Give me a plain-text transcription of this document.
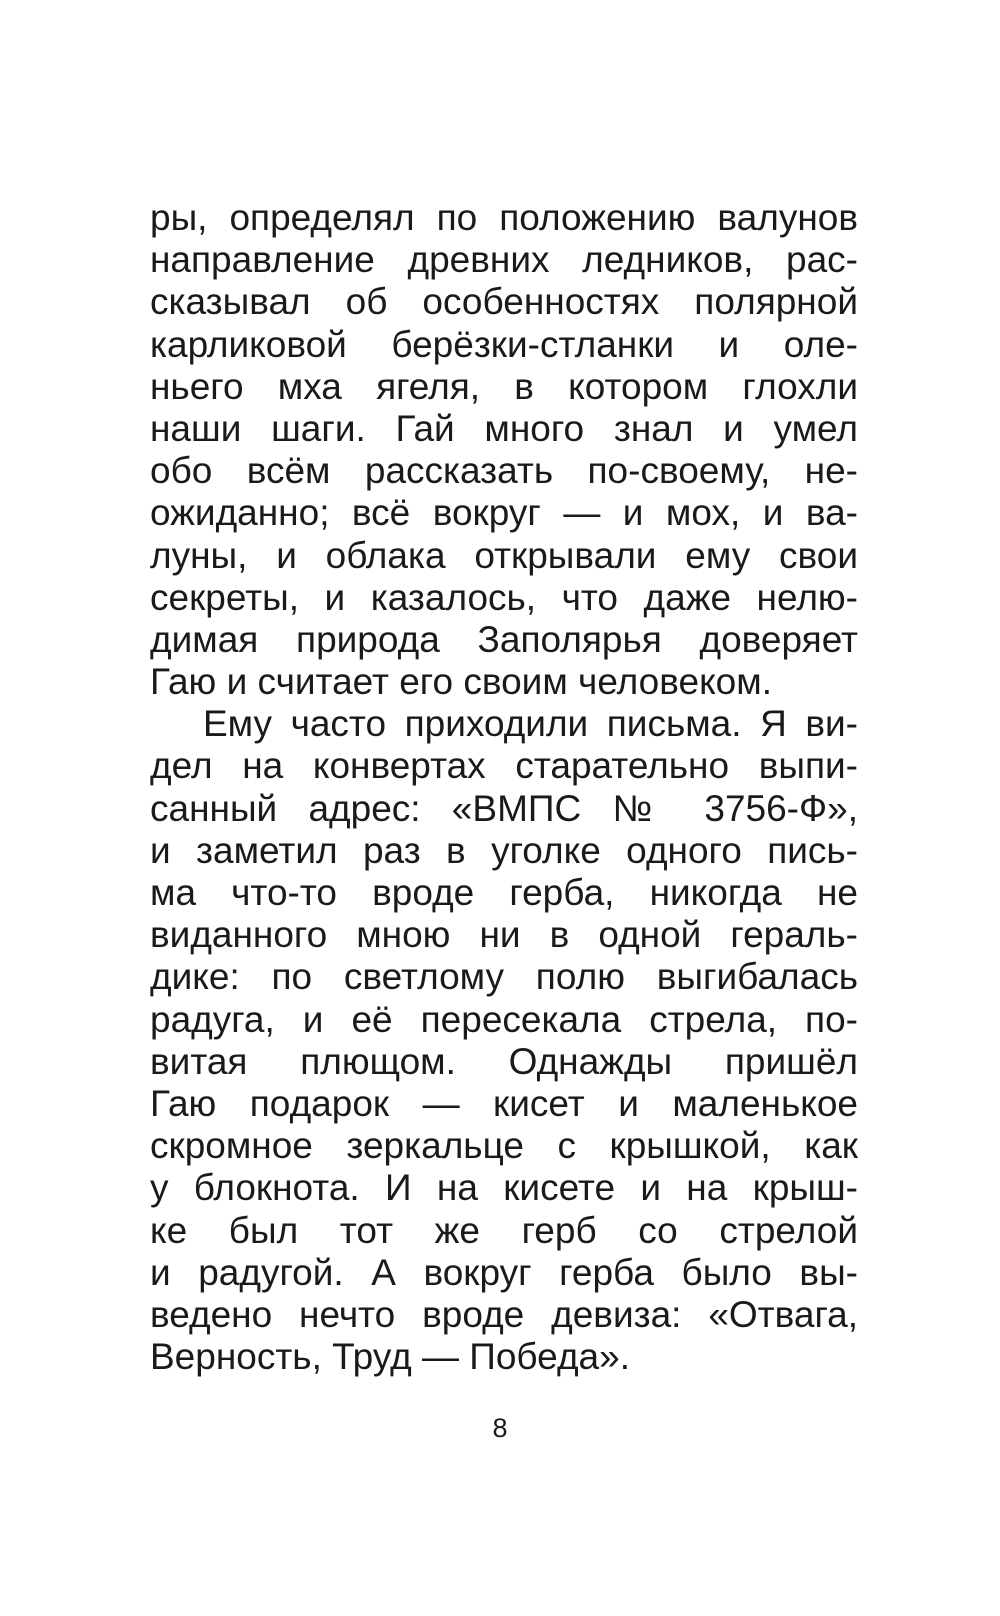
ры, определял по положению валунов
направление древних ледников, рас-
сказывал об особенностях полярной
карликовой берёзки-стланки и оле-
ньего мха ягеля, в котором глохли
наши шаги. Гай много знал и умел
обо всём рассказать по-своему, не-
ожиданно; всё вокруг — и мох, и ва-
луны, и облака открывали ему свои
секреты, и казалось, что даже нелю-
димая природа Заполярья доверяет
Гаю и считает его своим человеком.
Ему часто приходили письма. Я ви-
дел на конвертах старательно выпи-
санный адрес: «ВМПС № 3756-Ф»,
и заметил раз в уголке одного пись-
ма что-то вроде герба, никогда не
виданного мною ни в одной гераль-
дике: по светлому полю выгибалась
радуга, и её пересекала стрела, по-
витая плющом. Однажды пришёл
Гаю подарок — кисет и маленькое
скромное зеркальце с крышкой, как
у блокнота. И на кисете и на крыш-
ке был тот же герб со стрелой
и радугой. А вокруг герба было вы-
ведено нечто вроде девиза: «Отвага,
Верность, Труд — Победа».
8
